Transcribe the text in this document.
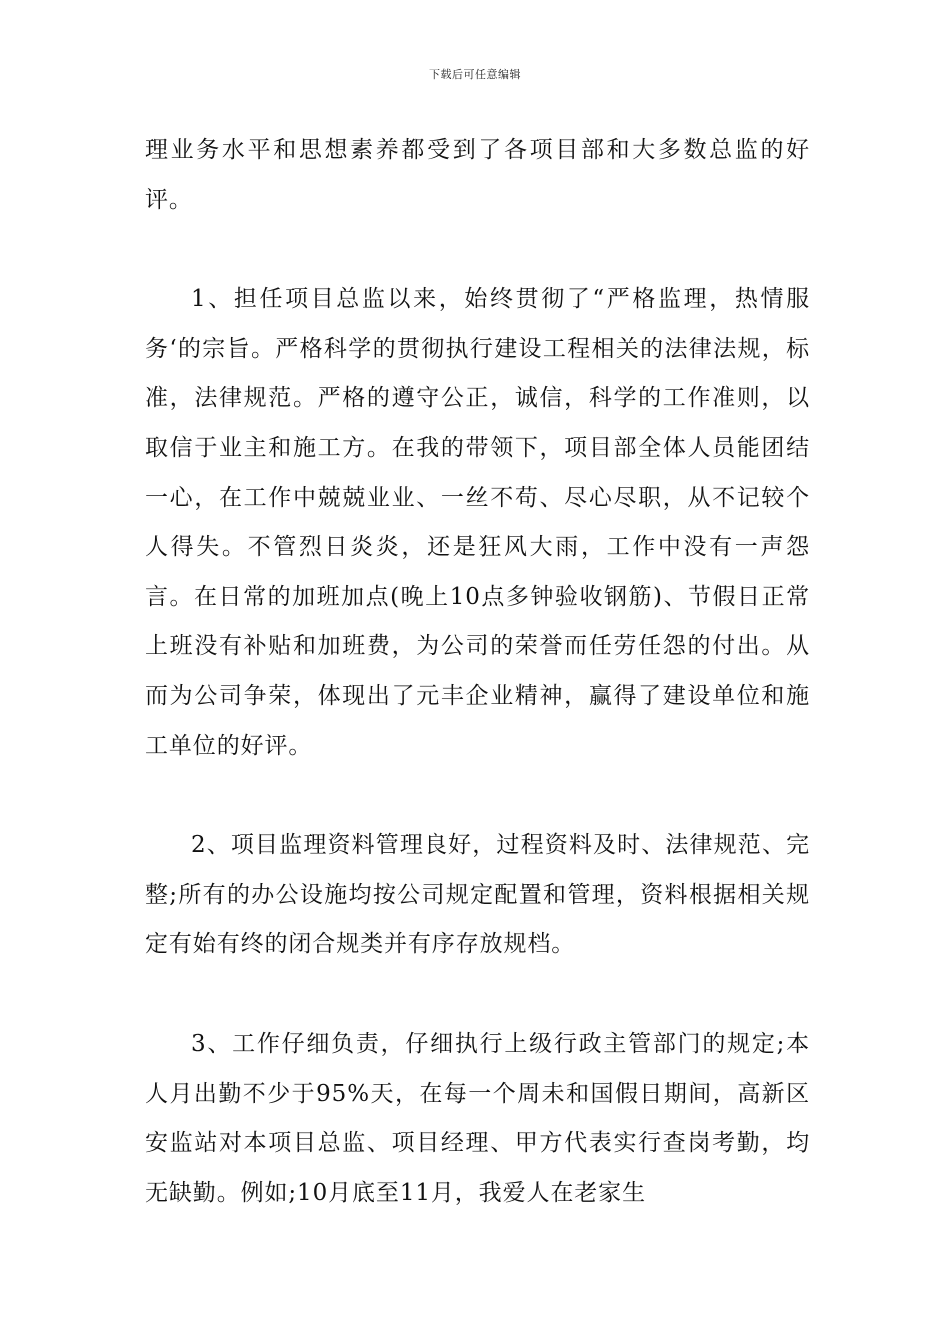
下载后可任意编辑

理业务水平和思想素养都受到了各项目部和大多数总监的好评。

1、担任项目总监以来，始终贯彻了“严格监理，热情服务‘的宗旨。严格科学的贯彻执行建设工程相关的法律法规，标准，法律规范。严格的遵守公正，诚信，科学的工作准则，以取信于业主和施工方。在我的带领下，项目部全体人员能团结一心，在工作中兢兢业业、一丝不苟、尽心尽职，从不记较个人得失。不管烈日炎炎，还是狂风大雨，工作中没有一声怨言。在日常的加班加点(晚上10点多钟验收钢筋)、节假日正常上班没有补贴和加班费，为公司的荣誉而任劳任怨的付出。从而为公司争荣，体现出了元丰企业精神，赢得了建设单位和施工单位的好评。

2、项目监理资料管理良好，过程资料及时、法律规范、完整;所有的办公设施均按公司规定配置和管理，资料根据相关规定有始有终的闭合规类并有序存放规档。

3、工作仔细负责，仔细执行上级行政主管部门的规定;本人月出勤不少于95%天，在每一个周未和国假日期间，高新区安监站对本项目总监、项目经理、甲方代表实行查岗考勤，均无缺勤。例如;10月底至11月，我爱人在老家生
